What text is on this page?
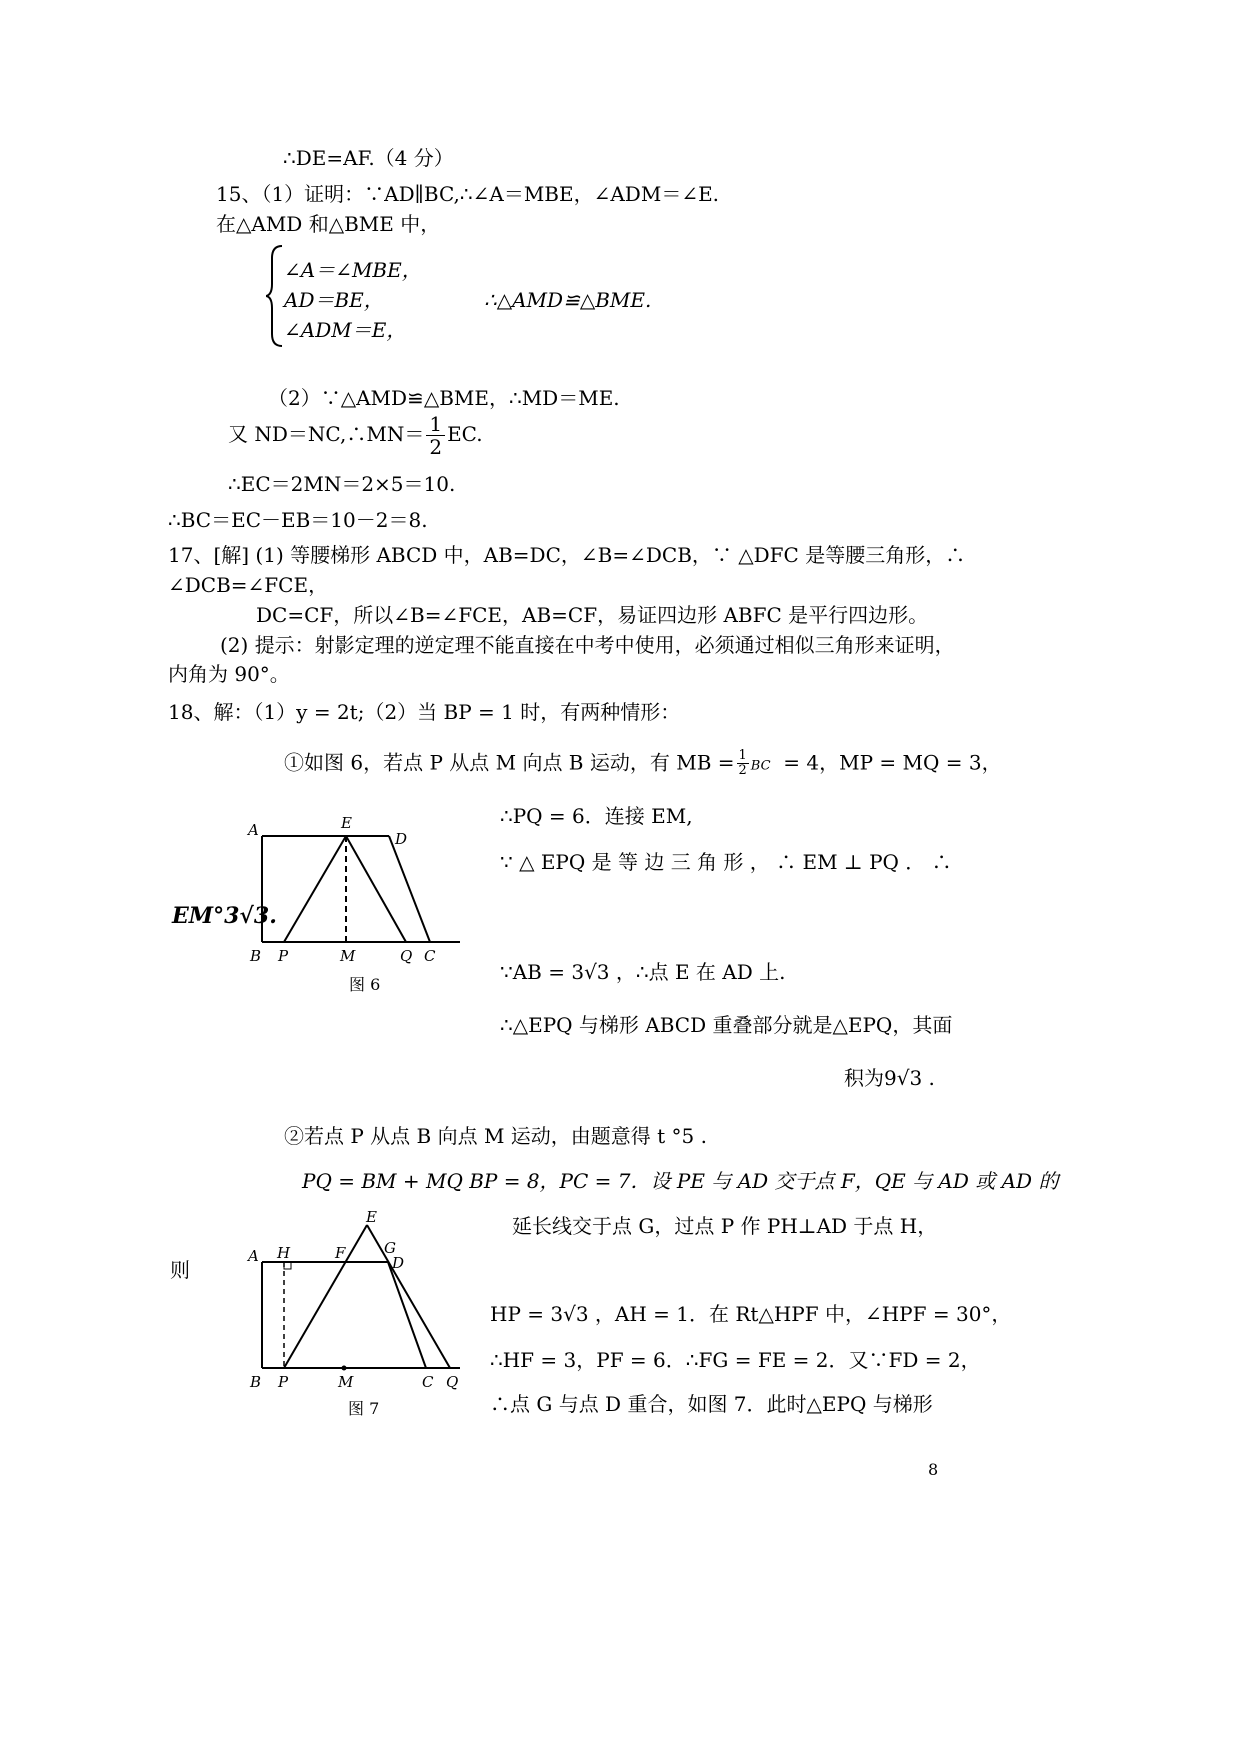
∴DE=AF.（4 分）
15、（1）证明：∵AD∥BC,∴∠A＝MBE，∠ADM＝∠E.
在△AMD 和△BME 中，
∠A＝∠MBE，
AD＝BE，
∠ADM＝E，
∴△AMD≌△BME.
（2）∵△AMD≌△BME，∴MD＝ME.
又 ND＝NC,∴MN＝ $\frac{1}{2}$ EC.
∴EC＝2MN＝2×5＝10.
∴BC＝EC－EB＝10－2＝8.
17、[解] (1) 等腰梯形 ABCD 中，AB=DC，∠B=∠DCB，∵ △DFC 是等腰三角形，∴
∠DCB=∠FCE，
DC=CF，所以∠B=∠FCE，AB=CF，易证四边形 ABFC 是平行四边形。
(2) 提示：射影定理的逆定理不能直接在中考中使用，必须通过相似三角形来证明，
内角为 90°。
18、解：（1）y = 2t;（2）当 BP = 1 时，有两种情形：
①如图 6，若点 P 从点 M 向点 B 运动，有 MB = $\frac{1}{2}$ BC = 4，MP = MQ = 3，
∴PQ = 6．连接 EM,
∵ △ EPQ 是 等 边 三 角 形 ， ∴ EM ⊥ PQ ． ∴
EM°3√3.
∵AB = 3√3 ，∴点 E 在 AD 上.
∴△EPQ 与梯形 ABCD 重叠部分就是△EPQ，其面
积为9√3 .
A	E
D
B P	M	Q C
图 6
②若点 P 从点 B 向点 M 运动，由题意得 t °5 .
PQ = BM + MQ BP = 8，PC = 7．设 PE 与 AD 交于点 F，QE 与 AD 或 AD 的
延长线交于点 G，过点 P 作 PH⊥AD 于点 H，
则
HP = 3√3 ，AH = 1．在 Rt△HPF 中，∠HPF = 30°，
∴HF = 3，PF = 6．∴FG = FE = 2．又∵FD = 2，
∴点 G 与点 D 重合，如图 7．此时△EPQ 与梯形
A H	F
E
G
D
B P	M	C Q
图 7
8
